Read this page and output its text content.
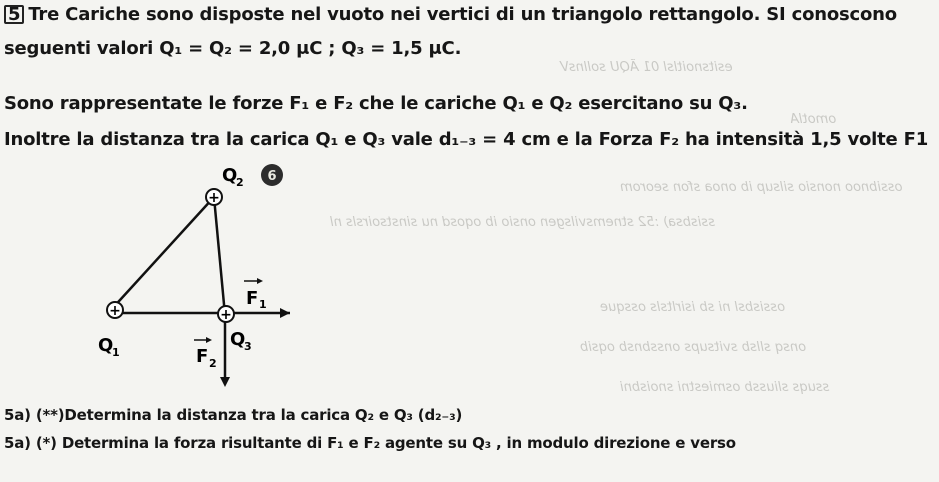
esitsnoitlsl 01 ÃQU sollnsV
omotlA
ossibnoo nonsio silsup ib onoa sfon seorom
ssisbsa) :52 stnemsvilsgen onsio ib oqosd nu sinstsoirsls nl
ossisbsl ni sb isirltsls ossque
onsq sllsb svitsups onssbnsb oqsib
ssuqs sliussb osmiestni snoisbni
5 Tre Cariche sono disposte nel vuoto nei vertici di un triangolo rettangolo. SI conoscono
seguenti valori Q₁ = Q₂ = 2,0 μC ; Q₃ = 1,5 μC.
Sono rappresentate le forze F₁ e F₂ che le cariche Q₁ e Q₂ esercitano su Q₃.
Inoltre la distanza tra la carica Q₁ e Q₃ vale d₁₋₃ = 4 cm e la Forza F₂ ha intensità 1,5 volte F1
+
+	+
Q
2 6
Q
1
Q
3
F 1
F 2
5a) (**)Determina la distanza tra la carica Q₂ e Q₃ (d₂₋₃)
5a) (*) Determina la forza risultante di F₁ e F₂ agente su Q₃ , in modulo direzione e verso
